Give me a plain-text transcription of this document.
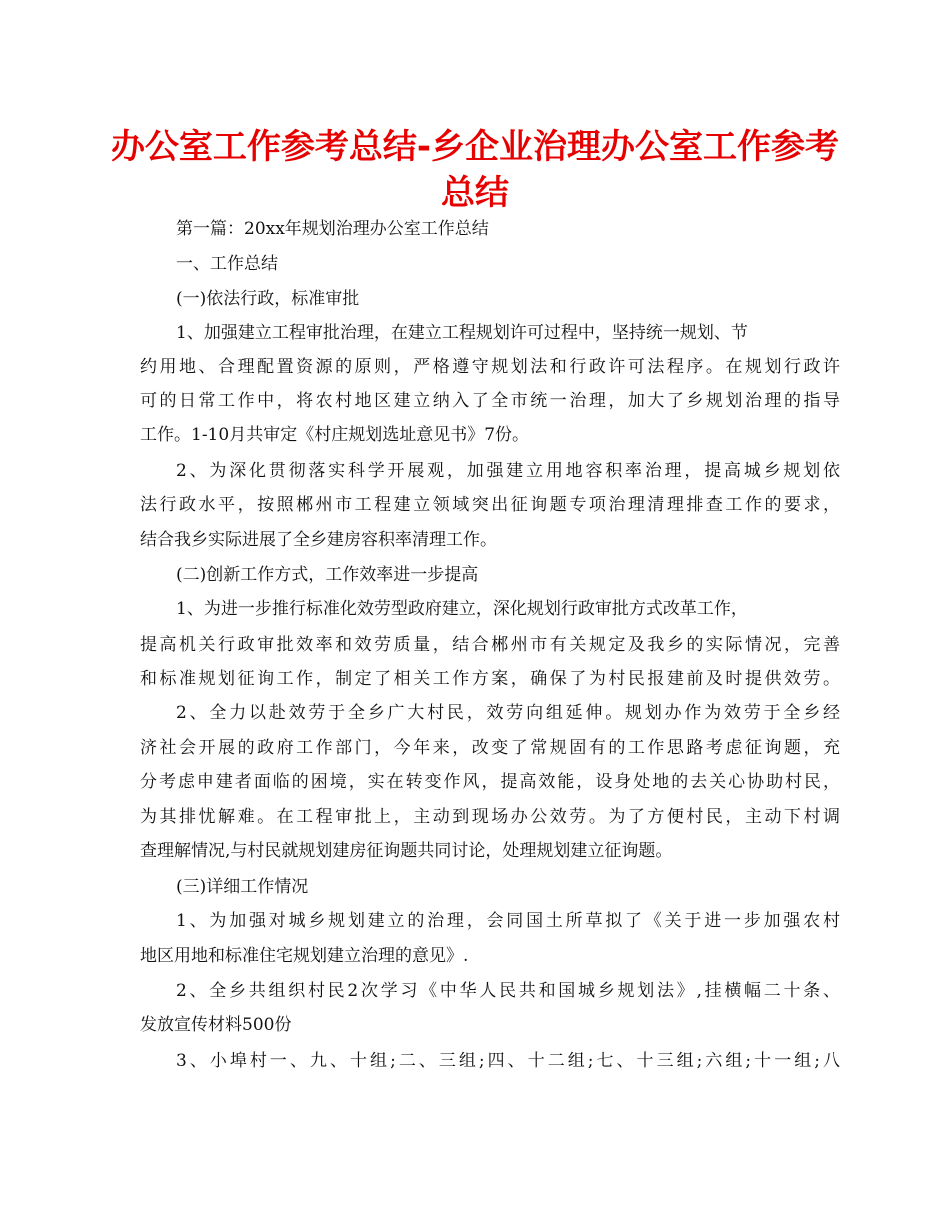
办公室工作参考总结-乡企业治理办公室工作参考
总结

第一篇：20xx年规划治理办公室工作总结

一、工作总结

(一)依法行政，标准审批

1、加强建立工程审批治理，在建立工程规划许可过程中，坚持统一规划、节

约用地、合理配置资源的原则，严格遵守规划法和行政许可法程序。在规划行政许

可的日常工作中，将农村地区建立纳入了全市统一治理，加大了乡规划治理的指导

工作。1-10月共审定《村庄规划选址意见书》7份。

2、为深化贯彻落实科学开展观，加强建立用地容积率治理，提高城乡规划依

法行政水平，按照郴州市工程建立领域突出征询题专项治理清理排查工作的要求，

结合我乡实际进展了全乡建房容积率清理工作。

(二)创新工作方式，工作效率进一步提高

1、为进一步推行标准化效劳型政府建立，深化规划行政审批方式改革工作，

提高机关行政审批效率和效劳质量，结合郴州市有关规定及我乡的实际情况，完善

和标准规划征询工作，制定了相关工作方案，确保了为村民报建前及时提供效劳。

2、全力以赴效劳于全乡广大村民，效劳向组延伸。规划办作为效劳于全乡经

济社会开展的政府工作部门，今年来，改变了常规固有的工作思路考虑征询题，充

分考虑申建者面临的困境，实在转变作风，提高效能，设身处地的去关心协助村民，

为其排忧解难。在工程审批上，主动到现场办公效劳。为了方便村民，主动下村调

查理解情况,与村民就规划建房征询题共同讨论，处理规划建立征询题。

(三)详细工作情况

1、为加强对城乡规划建立的治理，会同国土所草拟了《关于进一步加强农村

地区用地和标准住宅规划建立治理的意见》.

2、全乡共组织村民2次学习《中华人民共和国城乡规划法》,挂横幅二十条、

发放宣传材料500份

3、小埠村一、九、十组;二、三组;四、十二组;七、十三组;六组;十一组;八
